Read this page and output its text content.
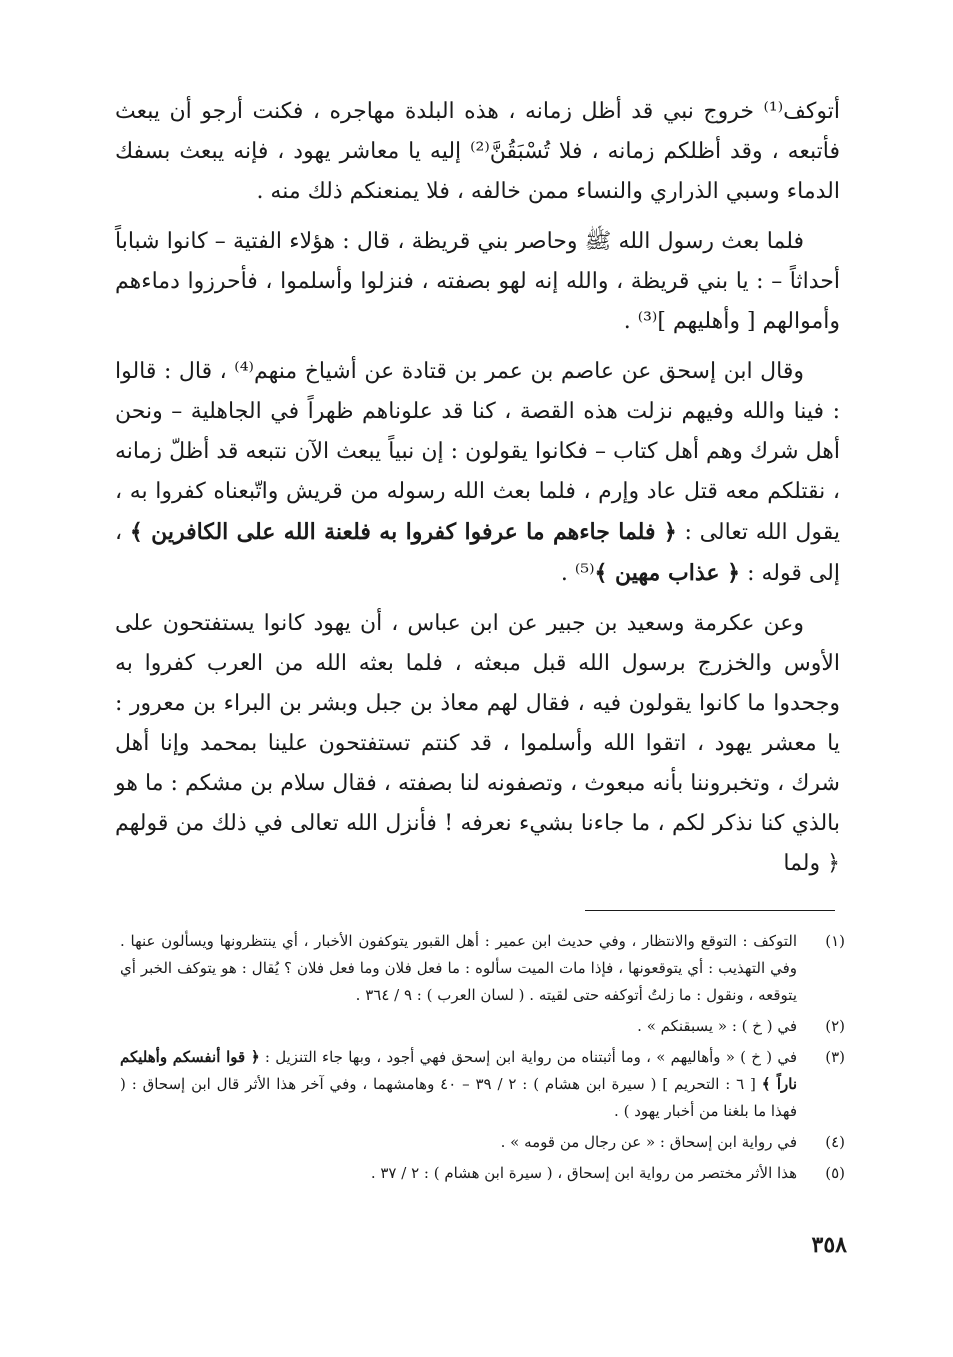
أتوكف⁽¹⁾ خروج نبي قد أظل زمانه ، هذه البلدة مهاجره ، فكنت أرجو أن يبعث فأتبعه ، وقد أظلكم زمانه ، فلا تُسْبَقُنَّ⁽²⁾ إليه يا معاشر يهود ، فإنه يبعث بسفك الدماء وسبي الذراري والنساء ممن خالفه ، فلا يمنعنكم ذلك منه .

فلما بعث رسول الله ﷺ وحاصر بني قريظة ، قال : هؤلاء الفتية – كانوا شباباً أحداثاً – : يا بني قريظة ، والله إنه لهو بصفته ، فنزلوا وأسلموا ، فأحرزوا دماءهم وأموالهم [ وأهليهم ]⁽³⁾ .

وقال ابن إسحق عن عاصم بن عمر بن قتادة عن أشياخ منهم⁽⁴⁾ ، قال : قالوا : فينا والله وفيهم نزلت هذه القصة ، كنا قد علوناهم ظهراً في الجاهلية – ونحن أهل شرك وهم أهل كتاب – فكانوا يقولون : إن نبياً يبعث الآن نتبعه قد أظلّ زمانه ، نقتلكم معه قتل عاد وإرم ، فلما بعث الله رسوله من قريش واتّبعناه كفروا به ، يقول الله تعالى : ﴿ فلما جاءهم ما عرفوا كفروا به فلعنة الله على الكافرين ﴾ ، إلى قوله : ﴿ عذاب مهين ﴾⁽⁵⁾ .

وعن عكرمة وسعيد بن جبير عن ابن عباس ، أن يهود كانوا يستفتحون على الأوس والخزرج برسول الله قبل مبعثه ، فلما بعثه الله من العرب كفروا به وجحدوا ما كانوا يقولون فيه ، فقال لهم معاذ بن جبل وبشر بن البراء بن معرور : يا معشر يهود ، اتقوا الله وأسلموا ، قد كنتم تستفتحون علينا بمحمد وإنا أهل شرك ، وتخبروننا بأنه مبعوث ، وتصفونه لنا بصفته ، فقال سلام بن مشكم : ما هو بالذي كنا نذكر لكم ، ما جاءنا بشيء نعرفه ! فأنزل الله تعالى في ذلك من قولهم ﴿ ولما

(١)
التوكف : التوقع والانتظار ، وفي حديث ابن عمير : أهل القبور يتوكفون الأخبار ، أي ينتظرونها ويسألون عنها . وفي التهذيب : أي يتوقعونها ، فإذا مات الميت سألوه : ما فعل فلان وما فعل فلان ؟ يُقال : هو يتوكف الخبر أي يتوقعه ، ونقول : ما زلتُ أتوكفه حتى لقيته . ( لسان العرب ) : ٩ / ٣٦٤ .
(٢)
في ( خ ) : « يسبقنكم » .
(٣)
في ( خ ) « وأهاليهم » ، وما أثبتناه من رواية ابن إسحق فهي أجود ، وبها جاء التنزيل : ﴿ قوا أنفسكم وأهليكم ناراً ﴾ [ ٦ : التحريم ] ( سيرة ابن هشام ) : ٢ / ٣٩ – ٤٠ وهامشهما ، وفي آخر هذا الأثر قال ابن إسحاق : ( فهذا ما بلغنا من أخبار يهود ) .
(٤)
في رواية ابن إسحاق : « عن رجال من قومه » .
(٥)
هذا الأثر مختصر من رواية ابن إسحاق ، ( سيرة ابن هشام ) : ٢ / ٣٧ .
٣٥٨
